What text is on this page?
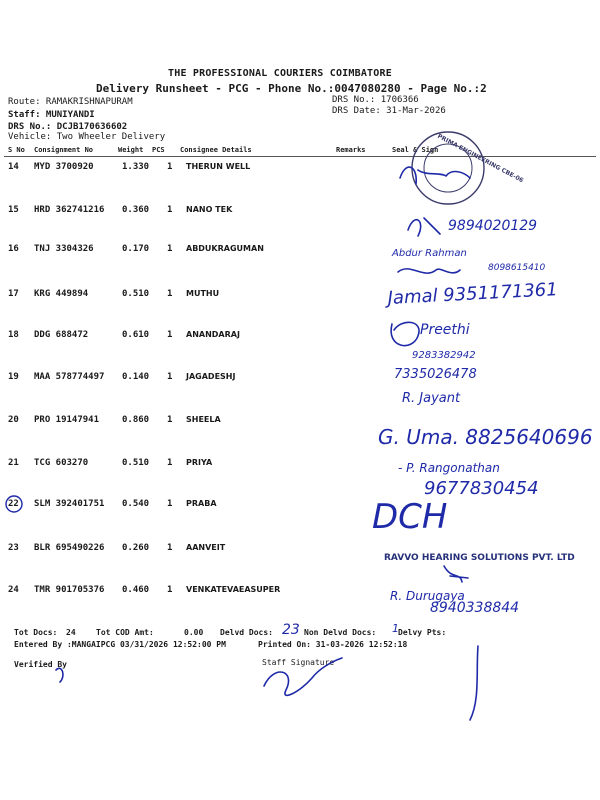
THE PROFESSIONAL COURIERS COIMBATORE
Delivery Runsheet - PCG - Phone No.:0047080280 - Page No.:2
Route: RAMAKRISHNAPURAM
Staff: MUNIYANDI
DRS No.: DCJB170636602
Vehicle: Two Wheeler Delivery
DRS No.: 1706366
DRS Date: 31-Mar-2026
S No Consignment No	Weight PCS Consignee Details	Remarks	Seal & Sign
14 MYD 3700920	1.330 1 THERUN WELL
15 HRD 362741216 0.360 1 NANO TEK
16 TNJ 3304326	0.170 1 ABDUKRAGUMAN
17 KRG 449894	0.510 1 MUTHU
18 DDG 688472	0.610 1 ANANDARAJ
19 MAA 578774497 0.140 1 JAGADESHJ
20 PRO 19147941	0.860 1 SHEELA
21 TCG 603270	0.510 1 PRIYA
22 SLM 392401751 0.540 1 PRABA
23 BLR 695490226 0.260 1 AANVEIT
24 TMR 901705376 0.460 1 VENKATEVAEASUPER
Tot Docs: 24	Tot COD Amt:	0.00 Delvd Docs:	Non Delvd Docs:	Delvy Pts:
Entered By :MANGAIPCG 03/31/2026 12:52:00 PM	Printed On: 31-03-2026 12:52:18
Verified By	Staff Signature
PRIMA ENGINEERING CBE-06
9894020129
Abdur Rahman
8098615410
Jamal 9351171361
Preethi
9283382942
7335026478
R. Jayant
G. Uma. 8825640696
- P. Rangonathan
9677830454
DCH
RAVVO HEARING SOLUTIONS PVT. LTD
R. Durugaya
8940338844
23	1
